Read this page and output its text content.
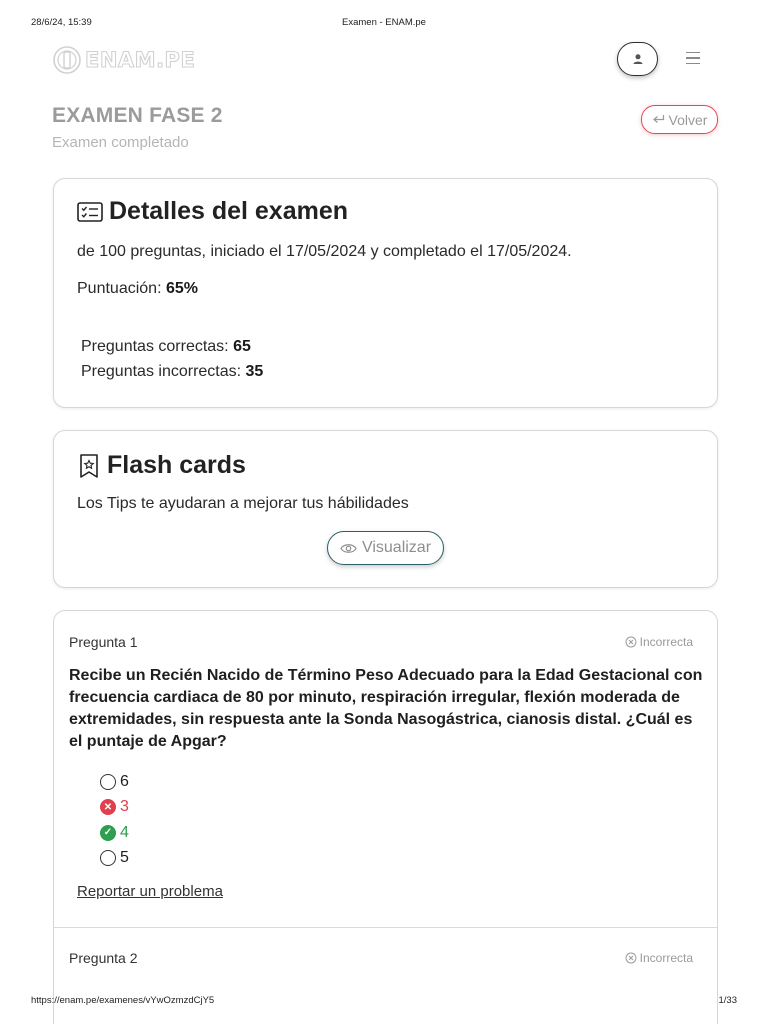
28/6/24, 15:39	Examen - ENAM.pe
ENAM.PE
EXAMEN FASE 2
Examen completado
Volver
Detalles del examen
de 100 preguntas, iniciado el 17/05/2024 y completado el 17/05/2024.
Puntuación: 65%
Preguntas correctas: 65
Preguntas incorrectas: 35
Flash cards
Los Tips te ayudaran a mejorar tus hábilidades
Visualizar
Pregunta 1	Incorrecta
Recibe un Recién Nacido de Término Peso Adecuado para la Edad Gestacional con frecuencia cardiaca de 80 por minuto, respiración irregular, flexión moderada de extremidades, sin respuesta ante la Sonda Nasogástrica, cianosis distal. ¿Cuál es el puntaje de Apgar?
6
✕ 3
✓ 4
5
Reportar un problema
Pregunta 2	Incorrecta
https://enam.pe/examenes/vYwOzmzdCjY5	1/33
